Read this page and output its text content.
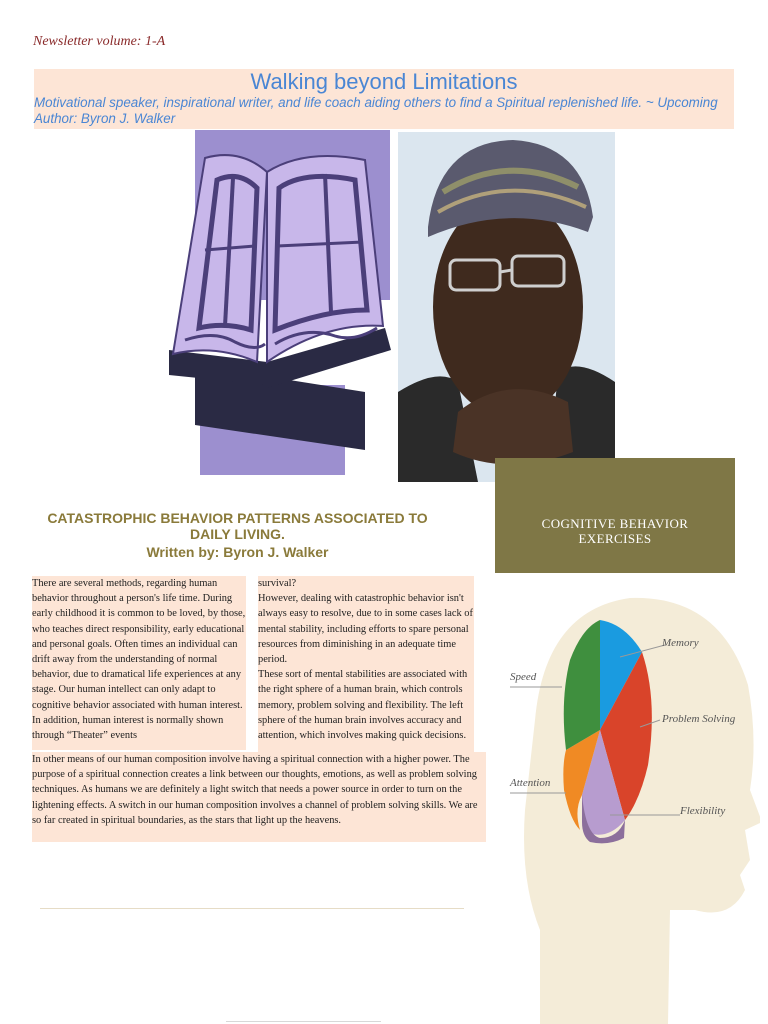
Newsletter volume: 1-A
Walking beyond Limitations
Motivational speaker, inspirational writer, and life coach aiding others to find a Spiritual replenished life. ~ Upcoming Author: Byron J. Walker
COGNITIVE BEHAVIOR
EXERCISES
CATASTROPHIC BEHAVIOR PATTERNS ASSOCIATED TO DAILY LIVING.
Written by: Byron J. Walker
There are several methods, regarding human behavior throughout a person's life time. During early childhood it is common to be loved, by those, who teaches direct responsibility, early educational and personal goals. Often times an individual can drift away from the understanding of normal behavior, due to dramatical life experiences at any stage. Our human intellect can only adapt to cognitive behavior associated with human interest. In addition, human interest is normally shown through “Theater” events
survival?
However, dealing with catastrophic behavior isn't always easy to resolve, due to in some cases lack of mental stability, including efforts to spare personal resources from diminishing in an adequate time period.
These sort of mental stabilities are associated with the right sphere of a human brain, which controls memory, problem solving and flexibility. The left sphere of the human brain involves accuracy and attention, which involves making quick decisions.
In other means of our human composition involve having a spiritual connection with a higher power. The purpose of a spiritual connection creates a link between our thoughts, emotions, as well as problem solving techniques. As humans we are definitely a light switch that needs a power source in order to turn on the lightening effects. A switch in our human composition involves a channel of problem solving skills. We are so far created in spiritual boundaries, as the stars that light up the heavens.
Memory
Problem Solving
Flexibility
Speed
Attention
